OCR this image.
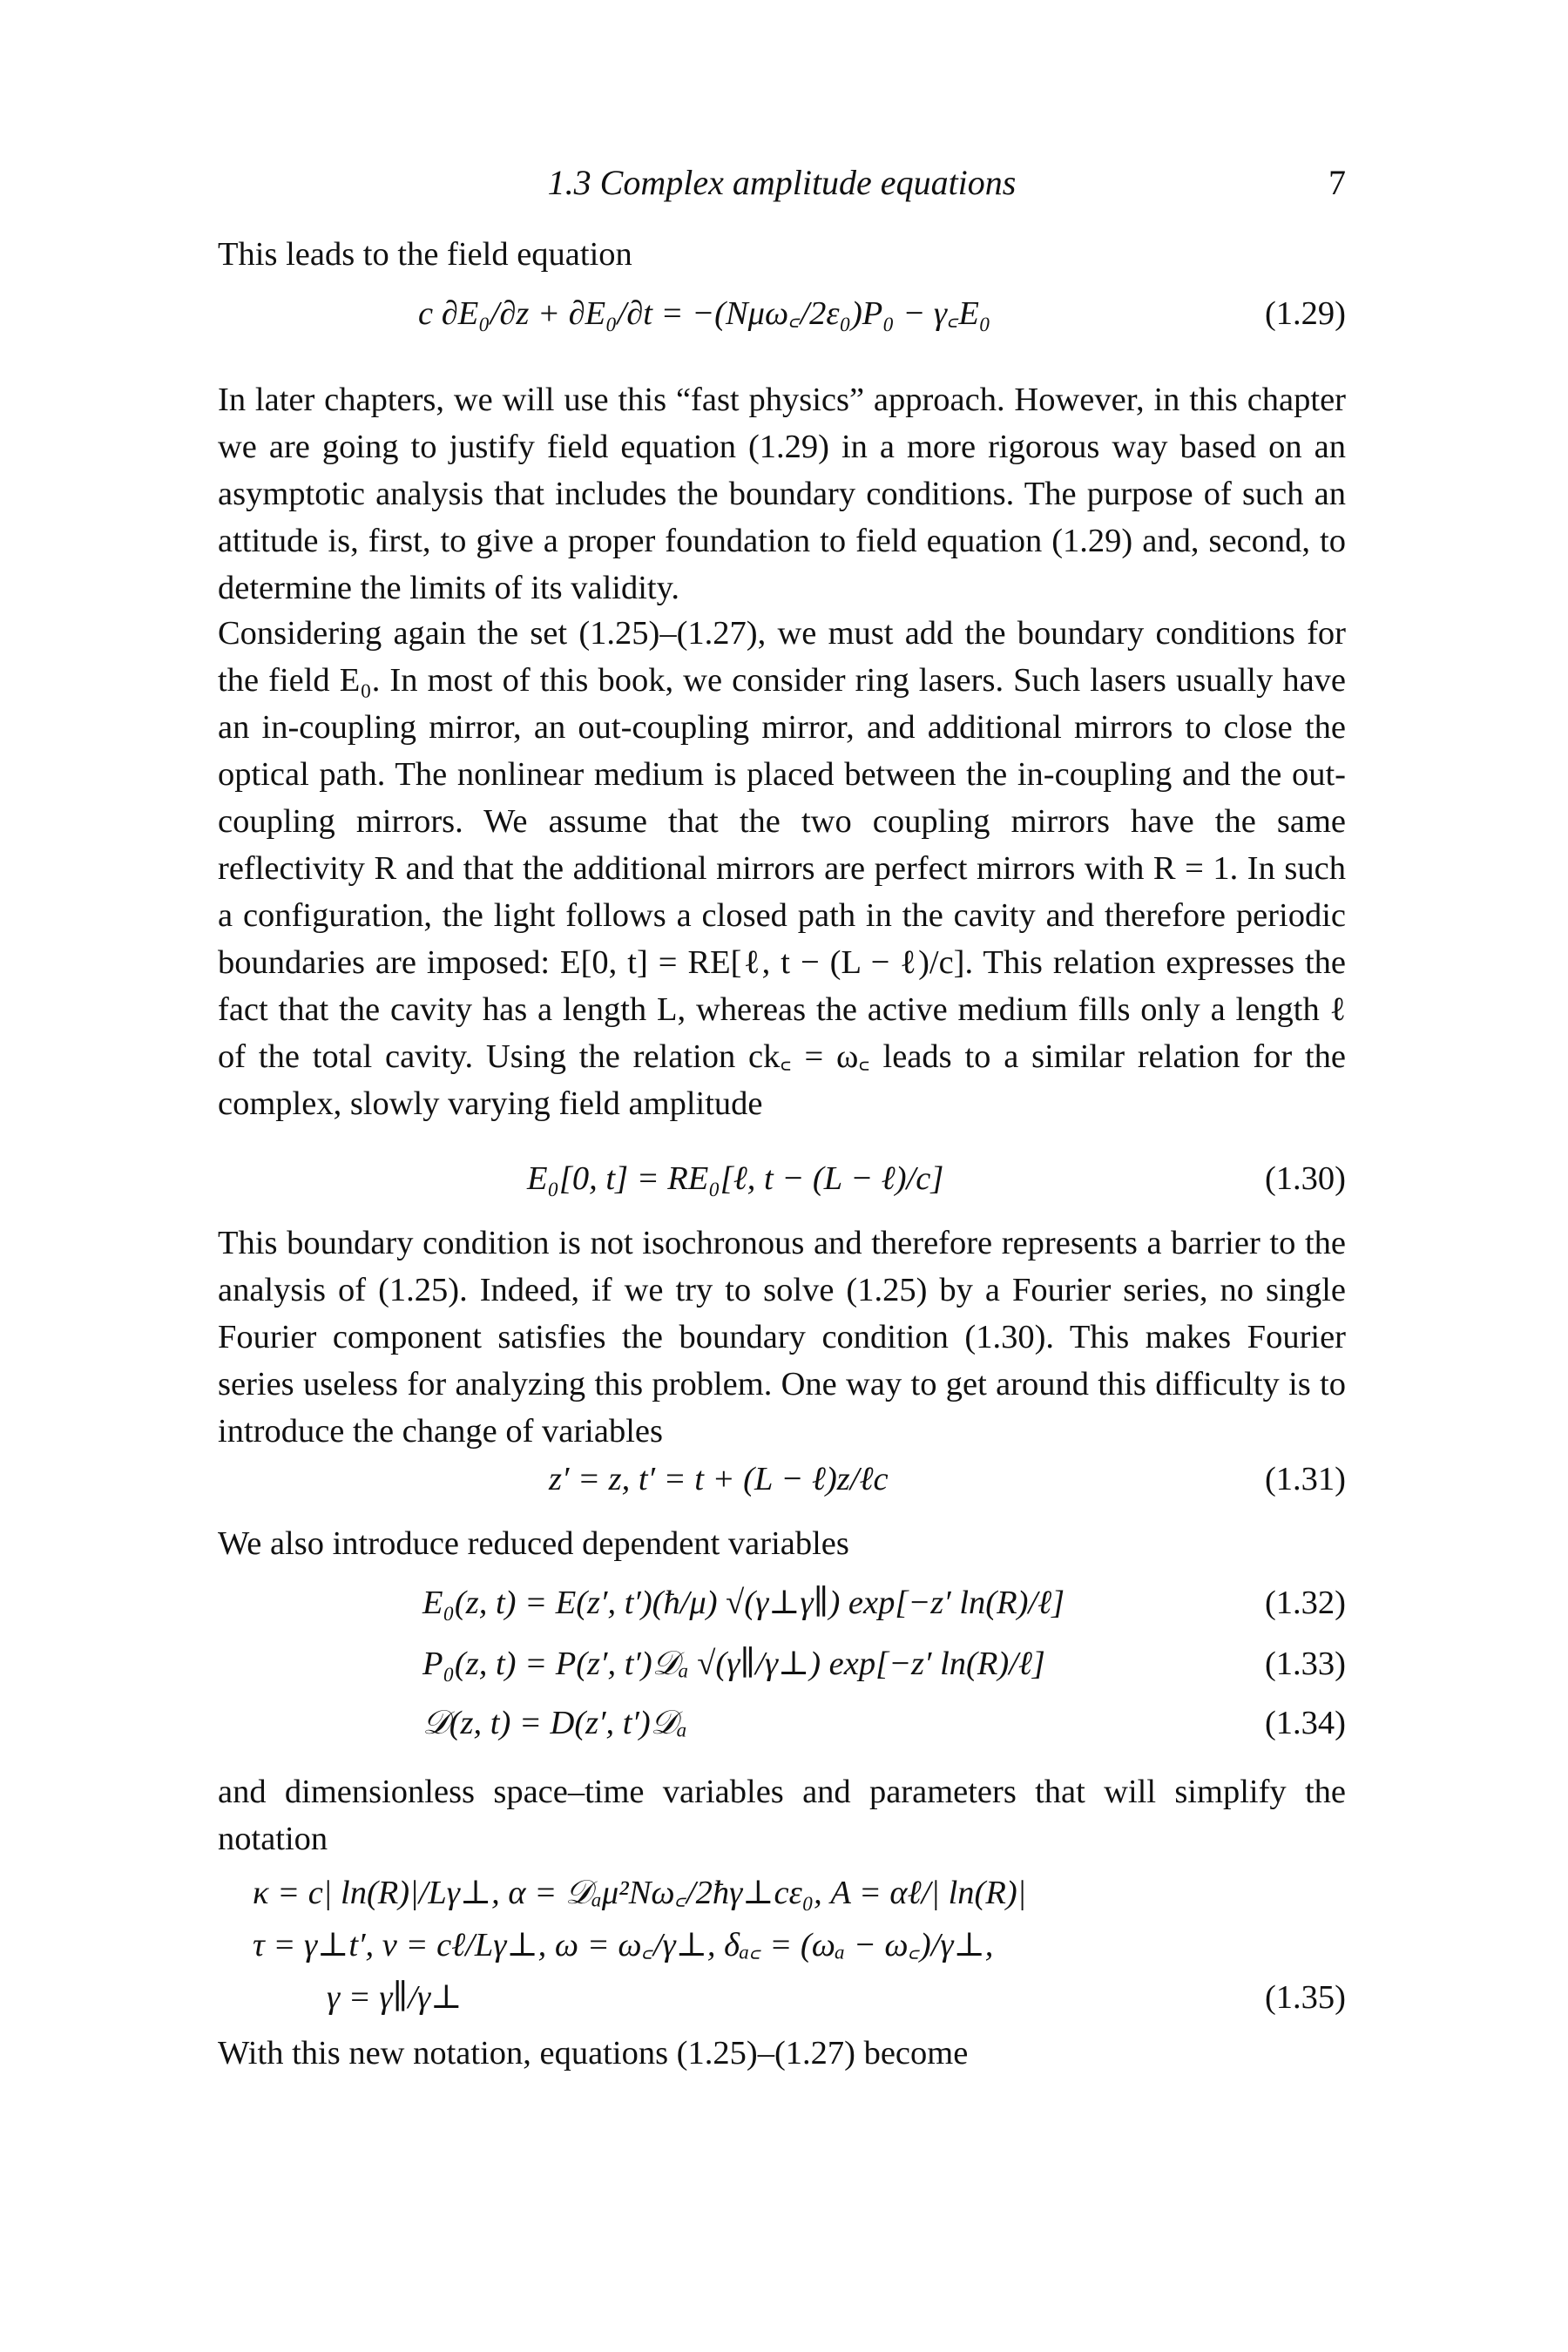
1.3 Complex amplitude equations	7

This leads to the field equation

c ∂E₀/∂z + ∂E₀/∂t = −(Nμω꜀/2ε₀)P₀ − γ꜀E₀	(1.29)

In later chapters, we will use this “fast physics” approach. However, in this chapter we are going to justify field equation (1.29) in a more rigorous way based on an asymptotic analysis that includes the boundary conditions. The purpose of such an attitude is, first, to give a proper foundation to field equation (1.29) and, second, to determine the limits of its validity.

Considering again the set (1.25)–(1.27), we must add the boundary conditions for the field E₀. In most of this book, we consider ring lasers. Such lasers usually have an in-coupling mirror, an out-coupling mirror, and additional mirrors to close the optical path. The nonlinear medium is placed between the in-coupling and the out-coupling mirrors. We assume that the two coupling mirrors have the same reflectivity R and that the additional mirrors are perfect mirrors with R = 1. In such a configuration, the light follows a closed path in the cavity and therefore periodic boundaries are imposed: E[0, t] = RE[ℓ, t − (L − ℓ)/c]. This relation expresses the fact that the cavity has a length L, whereas the active medium fills only a length ℓ of the total cavity. Using the relation ck꜀ = ω꜀ leads to a similar relation for the complex, slowly varying field amplitude

E₀[0, t] = RE₀[ℓ, t − (L − ℓ)/c]	(1.30)

This boundary condition is not isochronous and therefore represents a barrier to the analysis of (1.25). Indeed, if we try to solve (1.25) by a Fourier series, no single Fourier component satisfies the boundary condition (1.30). This makes Fourier series useless for analyzing this problem. One way to get around this difficulty is to introduce the change of variables

z′ = z, t′ = t + (L − ℓ)z/ℓc	(1.31)

We also introduce reduced dependent variables

E₀(z, t) = E(z′, t′)(ħ/μ) √(γ⊥γ∥) exp[−z′ ln(R)/ℓ]	(1.32)
P₀(z, t) = P(z′, t′)𝒟ₐ √(γ∥/γ⊥) exp[−z′ ln(R)/ℓ]	(1.33)
𝒟(z, t) = D(z′, t′)𝒟ₐ	(1.34)

and dimensionless space–time variables and parameters that will simplify the notation

κ = c| ln(R)|/Lγ⊥, α = 𝒟ₐμ²Nω꜀/2ħγ⊥cε₀, A = αℓ/| ln(R)|
τ = γ⊥t′, ν = cℓ/Lγ⊥, ω = ω꜀/γ⊥, δₐ꜀ = (ωₐ − ω꜀)/γ⊥,
γ = γ∥/γ⊥	(1.35)

With this new notation, equations (1.25)–(1.27) become
